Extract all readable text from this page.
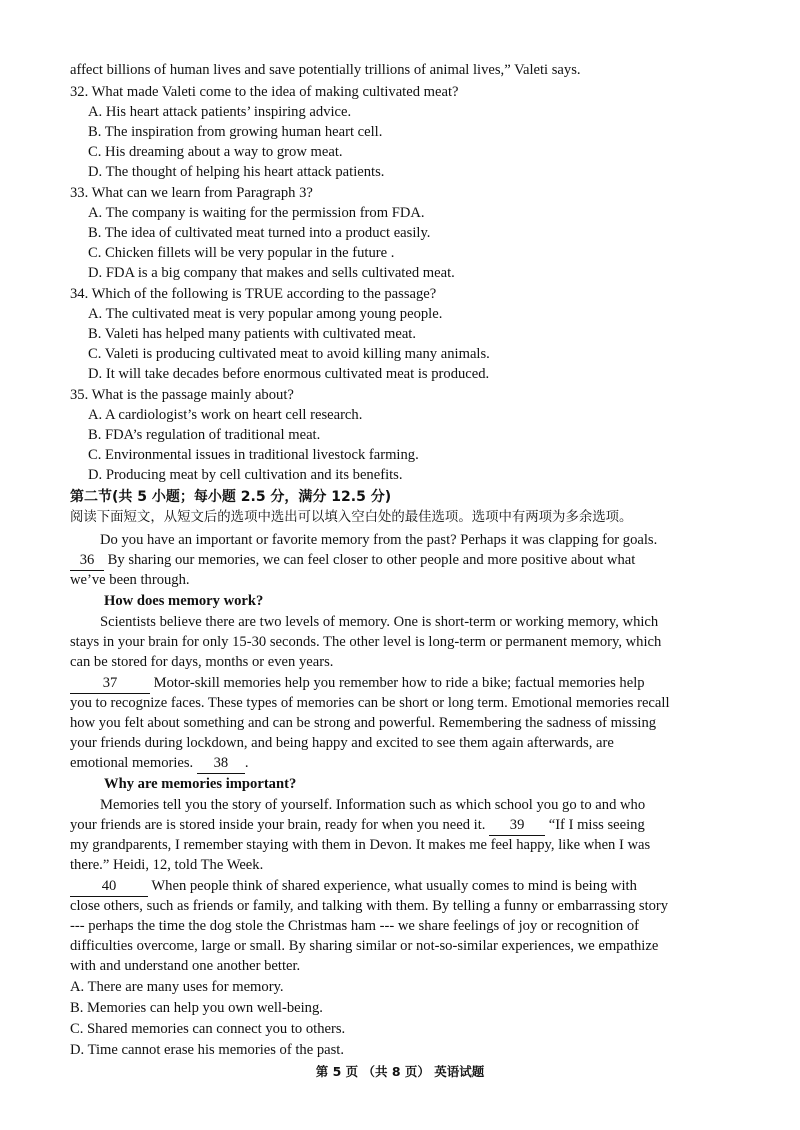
affect billions of human lives and save potentially trillions of animal lives,” Valeti says.
32. What made Valeti come to the idea of making cultivated meat?
A. His heart attack patients’ inspiring advice.
B. The inspiration from growing human heart cell.
C. His dreaming about a way to grow meat.
D. The thought of helping his heart attack patients.
33. What can we learn from Paragraph 3?
A. The company is waiting for the permission from FDA.
B. The idea of cultivated meat turned into a product easily.
C. Chicken fillets will be very popular in the future .
D. FDA is a big company that makes and sells cultivated meat.
34. Which of the following is TRUE according to the passage?
A. The cultivated meat is very popular among young people.
B. Valeti has helped many patients with cultivated meat.
C. Valeti is producing cultivated meat to avoid killing many animals.
D. It will take decades before enormous cultivated meat is produced.
35. What is the passage mainly about?
A. A cardiologist’s work on heart cell research.
B. FDA’s regulation of traditional meat.
C. Environmental issues in traditional livestock farming.
D. Producing meat by cell cultivation and its benefits.
第二节(共 5 小题；每小题 2.5 分，满分 12.5 分)
阅读下面短文，从短文后的选项中选出可以填入空白处的最佳选项。选项中有两项为多余选项。
Do you have an important or favorite memory from the past? Perhaps it was clapping for goals.
36 By sharing our memories, we can feel closer to other people and more positive about what
we’ve been through.
How does memory work?
Scientists believe there are two levels of memory. One is short-term or working memory, which
stays in your brain for only 15-30 seconds. The other level is long-term or permanent memory, which
can be stored for days, months or even years.
37 Motor-skill memories help you remember how to ride a bike; factual memories help
you to recognize faces. These types of memories can be short or long term. Emotional memories recall
how you felt about something and can be strong and powerful. Remembering the sadness of missing
your friends during lockdown, and being happy and excited to see them again afterwards, are
emotional memories. 38 .
Why are memories important?
Memories tell you the story of yourself. Information such as which school you go to and who
your friends are is stored inside your brain, ready for when you need it. 39 “If I miss seeing
my grandparents, I remember staying with them in Devon. It makes me feel happy, like when I was
there.” Heidi, 12, told The Week.
40 When people think of shared experience, what usually comes to mind is being with
close others, such as friends or family, and talking with them. By telling a funny or embarrassing story
--- perhaps the time the dog stole the Christmas ham --- we share feelings of joy or recognition of
difficulties overcome, large or small. By sharing similar or not-so-similar experiences, we empathize
with and understand one another better.
A. There are many uses for memory.
B. Memories can help you own well-being.
C. Shared memories can connect you to others.
D. Time cannot erase his memories of the past.
第 5 页 （共 8 页） 英语试题
